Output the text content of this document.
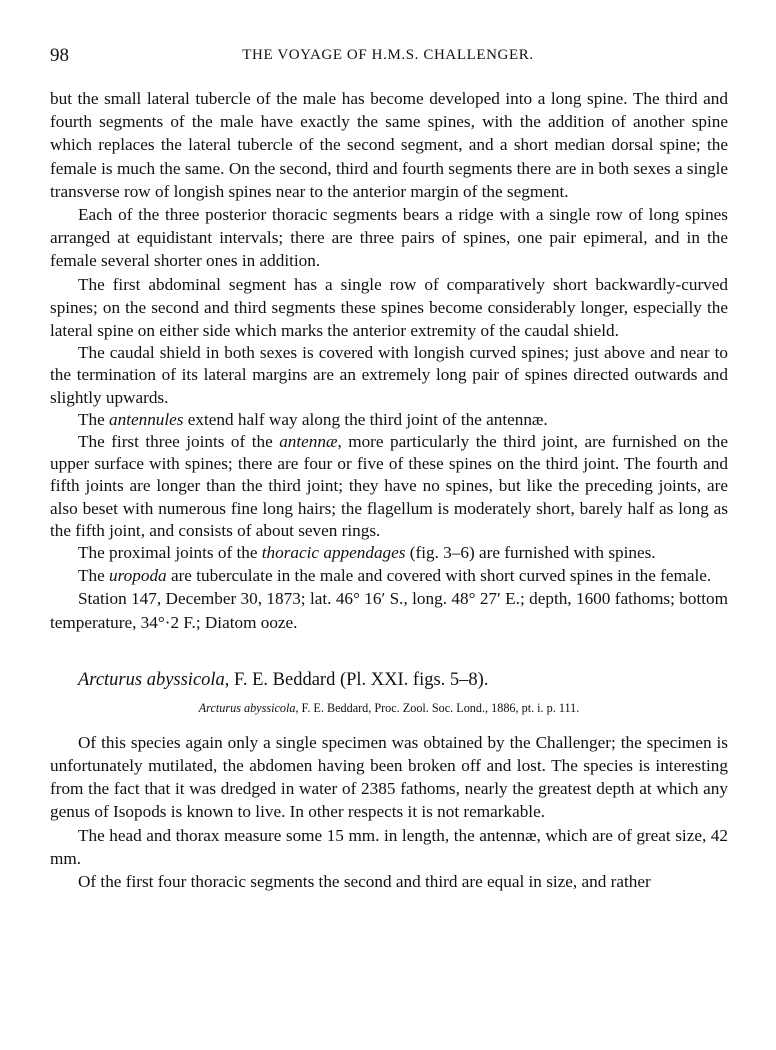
98	THE VOYAGE OF H.M.S. CHALLENGER.

but the small lateral tubercle of the male has become developed into a long spine. The third and fourth segments of the male have exactly the same spines, with the addition of another spine which replaces the lateral tubercle of the second segment, and a short median dorsal spine; the female is much the same. On the second, third and fourth segments there are in both sexes a single transverse row of longish spines near to the anterior margin of the segment.

Each of the three posterior thoracic segments bears a ridge with a single row of long spines arranged at equidistant intervals; there are three pairs of spines, one pair epimeral, and in the female several shorter ones in addition.

The first abdominal segment has a single row of comparatively short backwardly-curved spines; on the second and third segments these spines become considerably longer, especially the lateral spine on either side which marks the anterior extremity of the caudal shield.

The caudal shield in both sexes is covered with longish curved spines; just above and near to the termination of its lateral margins are an extremely long pair of spines directed outwards and slightly upwards.

The antennules extend half way along the third joint of the antennæ.

The first three joints of the antennæ, more particularly the third joint, are furnished on the upper surface with spines; there are four or five of these spines on the third joint. The fourth and fifth joints are longer than the third joint; they have no spines, but like the preceding joints, are also beset with numerous fine long hairs; the flagellum is moderately short, barely half as long as the fifth joint, and consists of about seven rings.

The proximal joints of the thoracic appendages (fig. 3–6) are furnished with spines.

The uropoda are tuberculate in the male and covered with short curved spines in the female.

Station 147, December 30, 1873; lat. 46° 16′ S., long. 48° 27′ E.; depth, 1600 fathoms; bottom temperature, 34°·2 F.; Diatom ooze.

Arcturus abyssicola, F. E. Beddard (Pl. XXI. figs. 5–8).
Arcturus abyssicola, F. E. Beddard, Proc. Zool. Soc. Lond., 1886, pt. i. p. 111.

Of this species again only a single specimen was obtained by the Challenger; the specimen is unfortunately mutilated, the abdomen having been broken off and lost. The species is interesting from the fact that it was dredged in water of 2385 fathoms, nearly the greatest depth at which any genus of Isopods is known to live. In other respects it is not remarkable.

The head and thorax measure some 15 mm. in length, the antennæ, which are of great size, 42 mm.

Of the first four thoracic segments the second and third are equal in size, and rather
